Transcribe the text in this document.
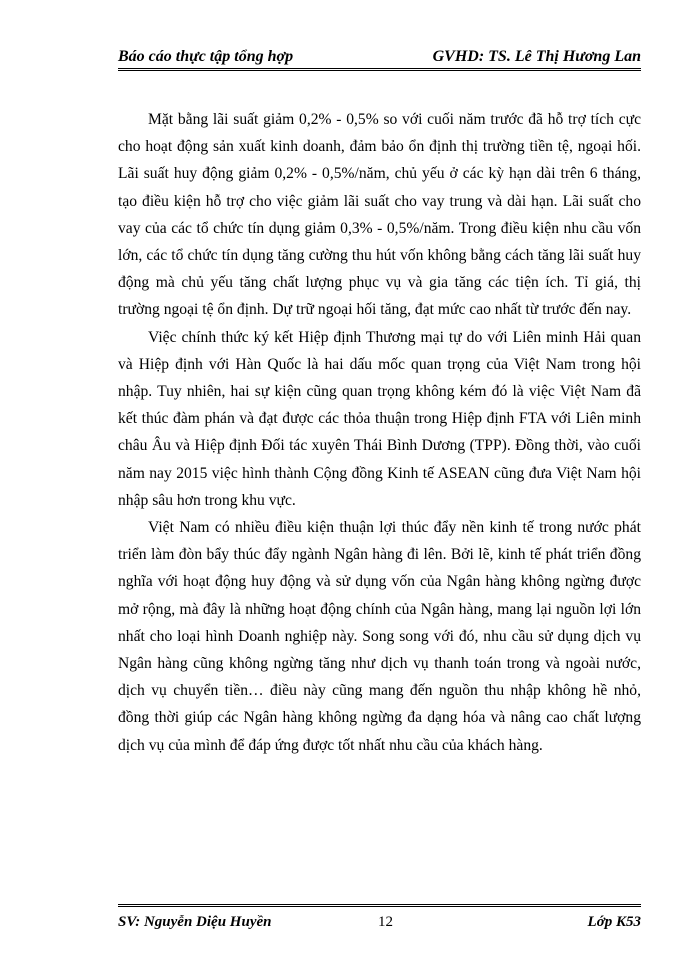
Báo cáo thực tập tổng hợp	GVHD: TS. Lê Thị Hương Lan

Mặt bằng lãi suất giảm 0,2% - 0,5% so với cuối năm trước đã hỗ trợ tích cực cho hoạt động sản xuất kinh doanh, đảm bảo ổn định thị trường tiền tệ, ngoại hối. Lãi suất huy động giảm 0,2% - 0,5%/năm, chủ yếu ở các kỳ hạn dài trên 6 tháng, tạo điều kiện hỗ trợ cho việc giảm lãi suất cho vay trung và dài hạn. Lãi suất cho vay của các tổ chức tín dụng giảm 0,3% - 0,5%/năm. Trong điều kiện nhu cầu vốn lớn, các tổ chức tín dụng tăng cường thu hút vốn không bằng cách tăng lãi suất huy động mà chủ yếu tăng chất lượng phục vụ và gia tăng các tiện ích. Tỉ giá, thị trường ngoại tệ ổn định. Dự trữ ngoại hối tăng, đạt mức cao nhất từ trước đến nay.

Việc chính thức ký kết Hiệp định Thương mại tự do với Liên minh Hải quan và Hiệp định với Hàn Quốc là hai dấu mốc quan trọng của Việt Nam trong hội nhập. Tuy nhiên, hai sự kiện cũng quan trọng không kém đó là việc Việt Nam đã kết thúc đàm phán và đạt được các thỏa thuận trong Hiệp định FTA với Liên minh châu Âu và Hiệp định Đối tác xuyên Thái Bình Dương (TPP). Đồng thời, vào cuối năm nay 2015 việc hình thành Cộng đồng Kinh tế ASEAN cũng đưa Việt Nam hội nhập sâu hơn trong khu vực.

Việt Nam có nhiều điều kiện thuận lợi thúc đẩy nền kinh tế trong nước phát triển làm đòn bẩy thúc đẩy ngành Ngân hàng đi lên. Bởi lẽ, kinh tế phát triển đồng nghĩa với hoạt động huy động và sử dụng vốn của Ngân hàng không ngừng được mở rộng, mà đây là những hoạt động chính của Ngân hàng, mang lại nguồn lợi lớn nhất cho loại hình Doanh nghiệp này. Song song với đó, nhu cầu sử dụng dịch vụ Ngân hàng cũng không ngừng tăng như dịch vụ thanh toán trong và ngoài nước, dịch vụ chuyển tiền… điều này cũng mang đến nguồn thu nhập không hề nhỏ, đồng thời giúp các Ngân hàng không ngừng đa dạng hóa và nâng cao chất lượng dịch vụ của mình để đáp ứng được tốt nhất nhu cầu của khách hàng.

SV: Nguyễn Diệu Huyền	12	Lớp K53
